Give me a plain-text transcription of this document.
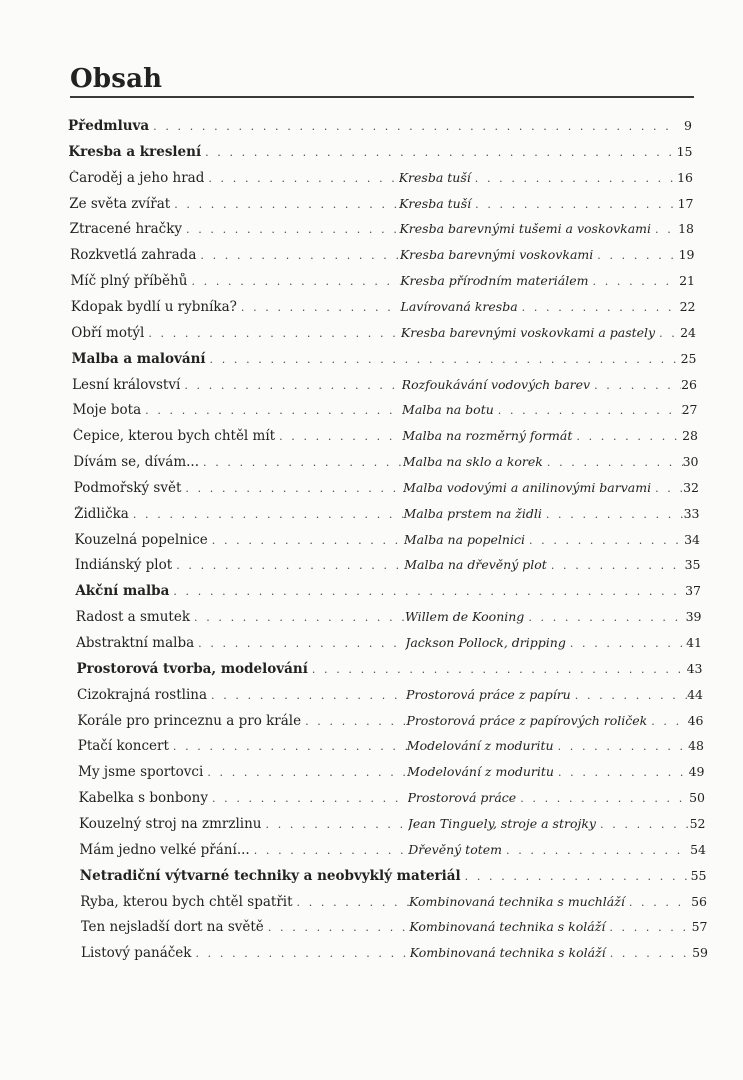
Obsah
Předmluva . . .	9
Kresba a kreslení . . .	15
Čaroděj a jeho hrad . . .	Kresba tuší . . .	16
Ze světa zvířat . . .	Kresba tuší . . .	17
Ztracené hračky . . .	Kresba barevnými tušemi a voskovkami . . . 18
Rozkvetlá zahrada . . .	Kresba barevnými voskovkami . . .	19
Míč plný příběhů . . .	Kresba přírodním materiálem . . .	21
Kdopak bydlí u rybníka? . . .	Lavírovaná kresba . . .	22
Obří motýl . . .	Kresba barevnými voskovkami a pastely . . . 24
Malba a malování . . .	25
Lesní království . . .	Rozfoukávání vodových barev . . .	26
Moje bota . . .	Malba na botu . . .	27
Čepice, kterou bych chtěl mít . . .	Malba na rozměrný formát . . .	28
Dívám se, dívám... . . .	Malba na sklo a korek . . .	30
Podmořský svět . . .	Malba vodovými a anilinovými barvami . . .	32
Židlička . . .	Malba prstem na židli . . .	33
Kouzelná popelnice . . .	Malba na popelnici . . .	34
Indiánský plot . . .	Malba na dřevěný plot . . .	35
Akční malba . . .	37
Radost a smutek . . .	Willem de Kooning . . .	39
Abstraktní malba . . .	Jackson Pollock, dripping . . .	41
Prostorová tvorba, modelování . . .	43
Cizokrajná rostlina . . .	Prostorová práce z papíru . . .	44
Korále pro princeznu a pro krále . . .	Prostorová práce z papírových roliček . . .	46
Ptačí koncert . . .	Modelování z moduritu . . .	48
My jsme sportovci . . .	Modelování z moduritu . . .	49
Kabelka s bonbony . . .	Prostorová práce . . .	50
Kouzelný stroj na zmrzlinu . . .	Jean Tinguely, stroje a strojky . . .	52
Mám jedno velké přání... . . .	Dřevěný totem . . .	54
Netradiční výtvarné techniky a neobvyklý materiál . . .	55
Ryba, kterou bych chtěl spatřit . . .	Kombinovaná technika s muchláží . . .	56
Ten nejsladší dort na světě . . .	Kombinovaná technika s koláží . . .	57
Listový panáček . . .	Kombinovaná technika s koláží . . .	59
